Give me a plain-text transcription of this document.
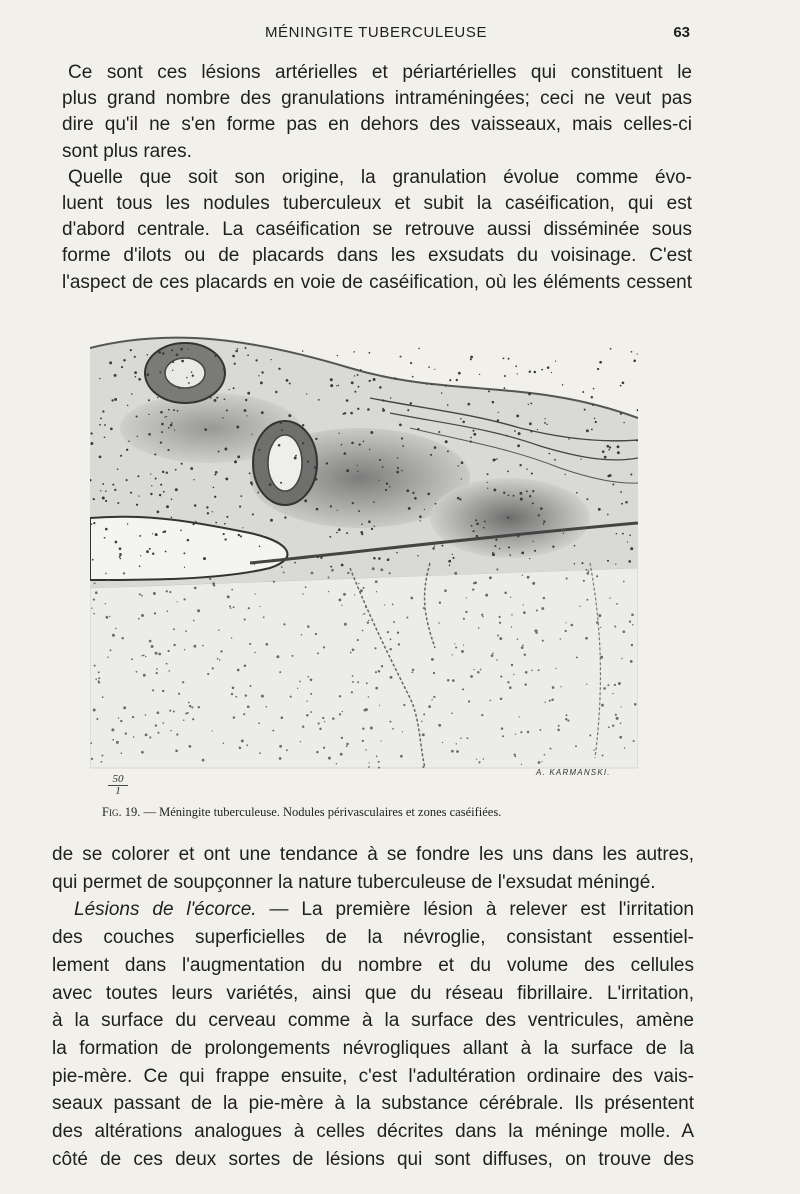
MÉNINGITE TUBERCULEUSE	63

Ce sont ces lésions artérielles et périartérielles qui constituent le
plus grand nombre des granulations intraméningées; ceci ne veut pas
dire qu'il ne s'en forme pas en dehors des vaisseaux, mais celles-ci
sont plus rares.

Quelle que soit son origine, la granulation évolue comme évo-
luent tous les nodules tuberculeux et subit la caséification, qui est
d'abord centrale. La caséification se retrouve aussi disséminée sous
forme d'ilots ou de placards dans les exsudats du voisinage. C'est
l'aspect de ces placards en voie de caséification, où les éléments cessent

$\frac{50}{1}$
A. KARMANSKI.
Fig. 19. — Méningite tuberculeuse. Nodules périvasculaires et zones caséifiées.

de se colorer et ont une tendance à se fondre les uns dans les autres,
qui permet de soupçonner la nature tuberculeuse de l'exsudat méningé.

Lésions de l'écorce. — La première lésion à relever est l'irritation
des couches superficielles de la névroglie, consistant essentiel-
lement dans l'augmentation du nombre et du volume des cellules
avec toutes leurs variétés, ainsi que du réseau fibrillaire. L'irritation,
à la surface du cerveau comme à la surface des ventricules, amène
la formation de prolongements névrogliques allant à la surface de la
pie-mère. Ce qui frappe ensuite, c'est l'adultération ordinaire des vais-
seaux passant de la pie-mère à la substance cérébrale. Ils présentent
des altérations analogues à celles décrites dans la méninge molle. A
côté de ces deux sortes de lésions qui sont diffuses, on trouve des
